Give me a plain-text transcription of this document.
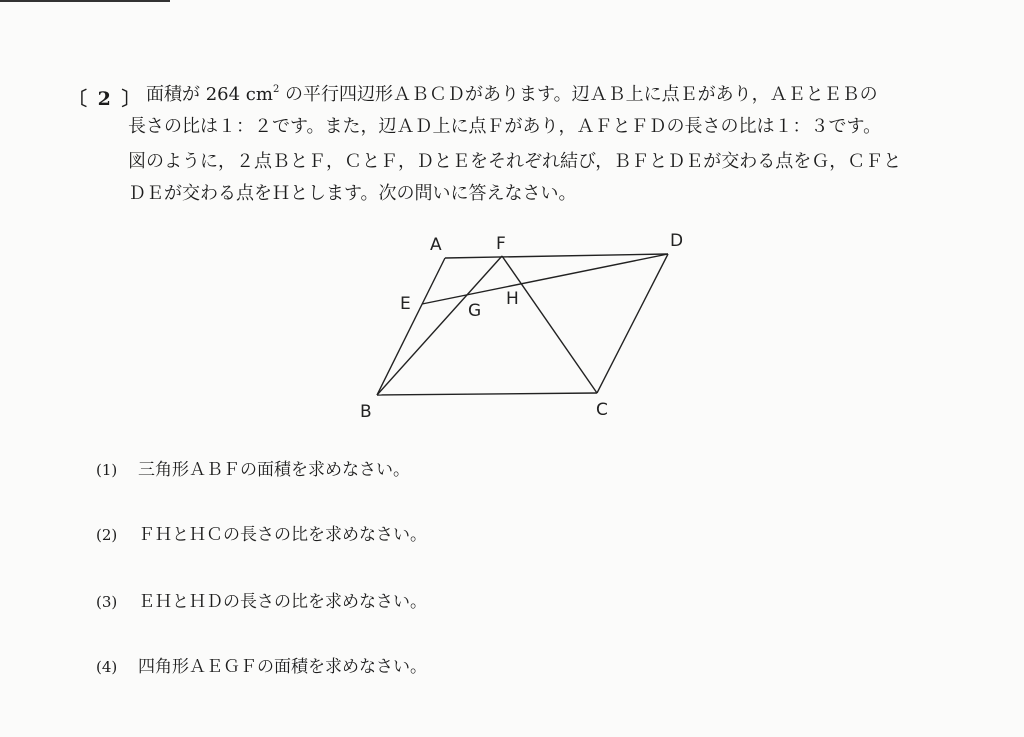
〔 2 〕 面積が 264 $cm^2$ の平行四辺形ＡＢＣＤがあります。辺ＡＢ上に点Ｅがあり，ＡＥとＥＢの
長さの比は１：２です。また，辺ＡＤ上に点Ｆがあり，ＡＦとＦＤの長さの比は１：３です。
図のように，２点ＢとＦ，ＣとＦ，ＤとＥをそれぞれ結び，ＢＦとＤＥが交わる点をＧ，ＣＦと
ＤＥが交わる点をＨとします。次の問いに答えなさい。
A	F	D
E	G
H
B	C
(1) 三角形ＡＢＦの面積を求めなさい。
(2) ＦＨとＨＣの長さの比を求めなさい。
(3) ＥＨとＨＤの長さの比を求めなさい。
(4) 四角形ＡＥＧＦの面積を求めなさい。
